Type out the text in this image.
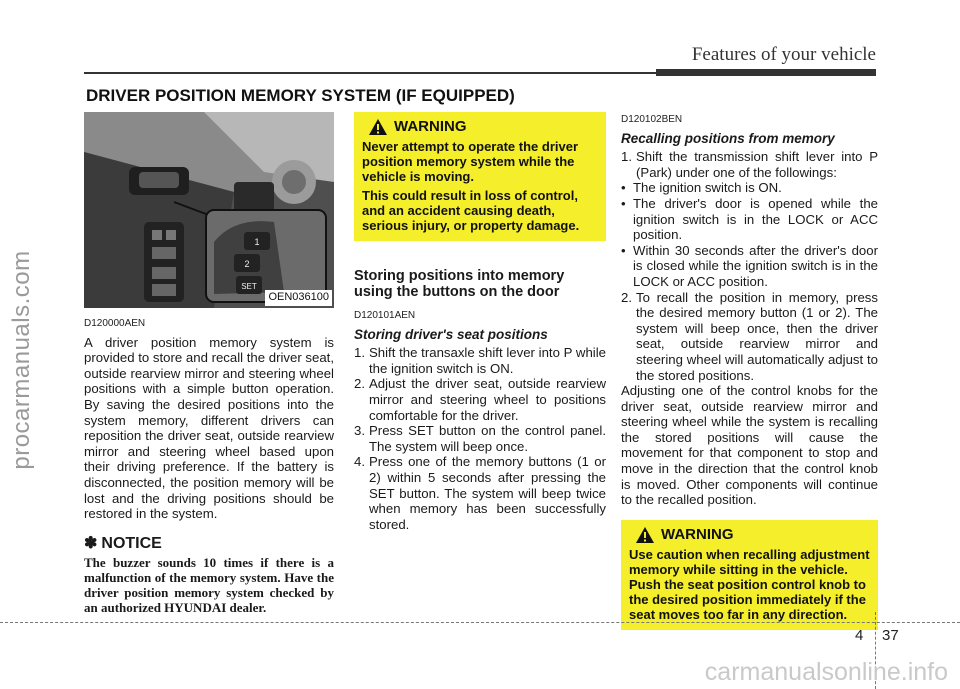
Features of your vehicle
procarmanuals.com
DRIVER POSITION MEMORY SYSTEM (IF EQUIPPED)
1
2
SET
OEN036100
D120000AEN

A driver position memory system is provided to store and recall the driver seat, outside rearview mirror and steering wheel positions with a simple button operation. By saving the desired positions into the system memory, different drivers can reposition the driver seat, outside rearview mirror and steering wheel based upon their driving preference. If the battery is disconnected, the position memory will be lost and the driving positions should be restored in the system.

✽ NOTICE

The buzzer sounds 10 times if there is a malfunction of the memory system. Have the driver position memory system checked by an authorized HYUNDAI dealer.

WARNING

Never attempt to operate the driver position memory system while the vehicle is moving.

This could result in loss of control, and an accident causing death, serious injury, or property damage.

Storing positions into memory using the buttons on the door
D120101AEN
Storing driver's seat positions
1. Shift the transaxle shift lever into P while the ignition switch is ON.
2. Adjust the driver seat, outside rearview mirror and steering wheel to positions comfortable for the driver.
3. Press SET button on the control panel. The system will beep once.
4. Press one of the memory buttons (1 or 2) within 5 seconds after pressing the SET button. The system will beep twice when memory has been successfully stored.
D120102BEN
Recalling positions from memory
1. Shift the transmission shift lever into P (Park) under one of the followings:
• The ignition switch is ON.
• The driver's door is opened while the ignition switch is in the LOCK or ACC position.
• Within 30 seconds after the driver's door is closed while the ignition switch is in the LOCK or ACC position.
2. To recall the position in memory, press the desired memory button (1 or 2). The system will beep once, then the driver seat, outside rearview mirror and steering wheel will automatically adjust to the stored positions.

Adjusting one of the control knobs for the driver seat, outside rearview mirror and steering wheel while the system is recalling the stored positions will cause the movement for that component to stop and move in the direction that the control knob is moved. Other components will continue to the recalled position.

WARNING

Use caution when recalling adjustment memory while sitting in the vehicle. Push the seat position control knob to the desired position immediately if the seat moves too far in any direction.

4 37
carmanualsonline.info
